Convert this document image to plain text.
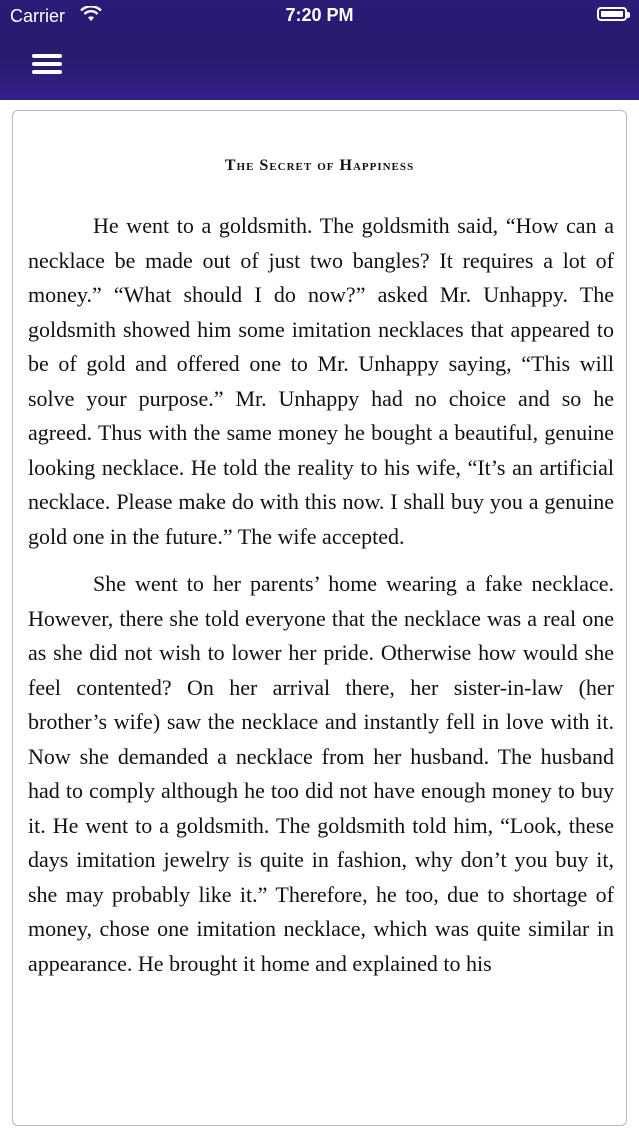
Carrier	7:20 PM
The Secret of Happiness

He went to a goldsmith. The goldsmith said, “How can a necklace be made out of just two bangles? It requires a lot of money.” “What should I do now?” asked Mr. Unhappy. The goldsmith showed him some imitation necklaces that appeared to be of gold and offered one to Mr. Unhappy saying, “This will solve your purpose.” Mr. Unhappy had no choice and so he agreed. Thus with the same money he bought a beautiful, genuine looking necklace. He told the reality to his wife, “It’s an artificial necklace. Please make do with this now. I shall buy you a genuine gold one in the future.” The wife accepted.

She went to her parents’ home wearing a fake necklace. However, there she told everyone that the necklace was a real one as she did not wish to lower her pride. Otherwise how would she feel contented? On her arrival there, her sister-in-law (her brother’s wife) saw the necklace and instantly fell in love with it. Now she demanded a necklace from her husband. The husband had to comply although he too did not have enough money to buy it. He went to a goldsmith. The goldsmith told him, “Look, these days imitation jewelry is quite in fashion, why don’t you buy it, she may probably like it.” Therefore, he too, due to shortage of money, chose one imitation necklace, which was quite similar in appearance. He brought it home and explained to his
